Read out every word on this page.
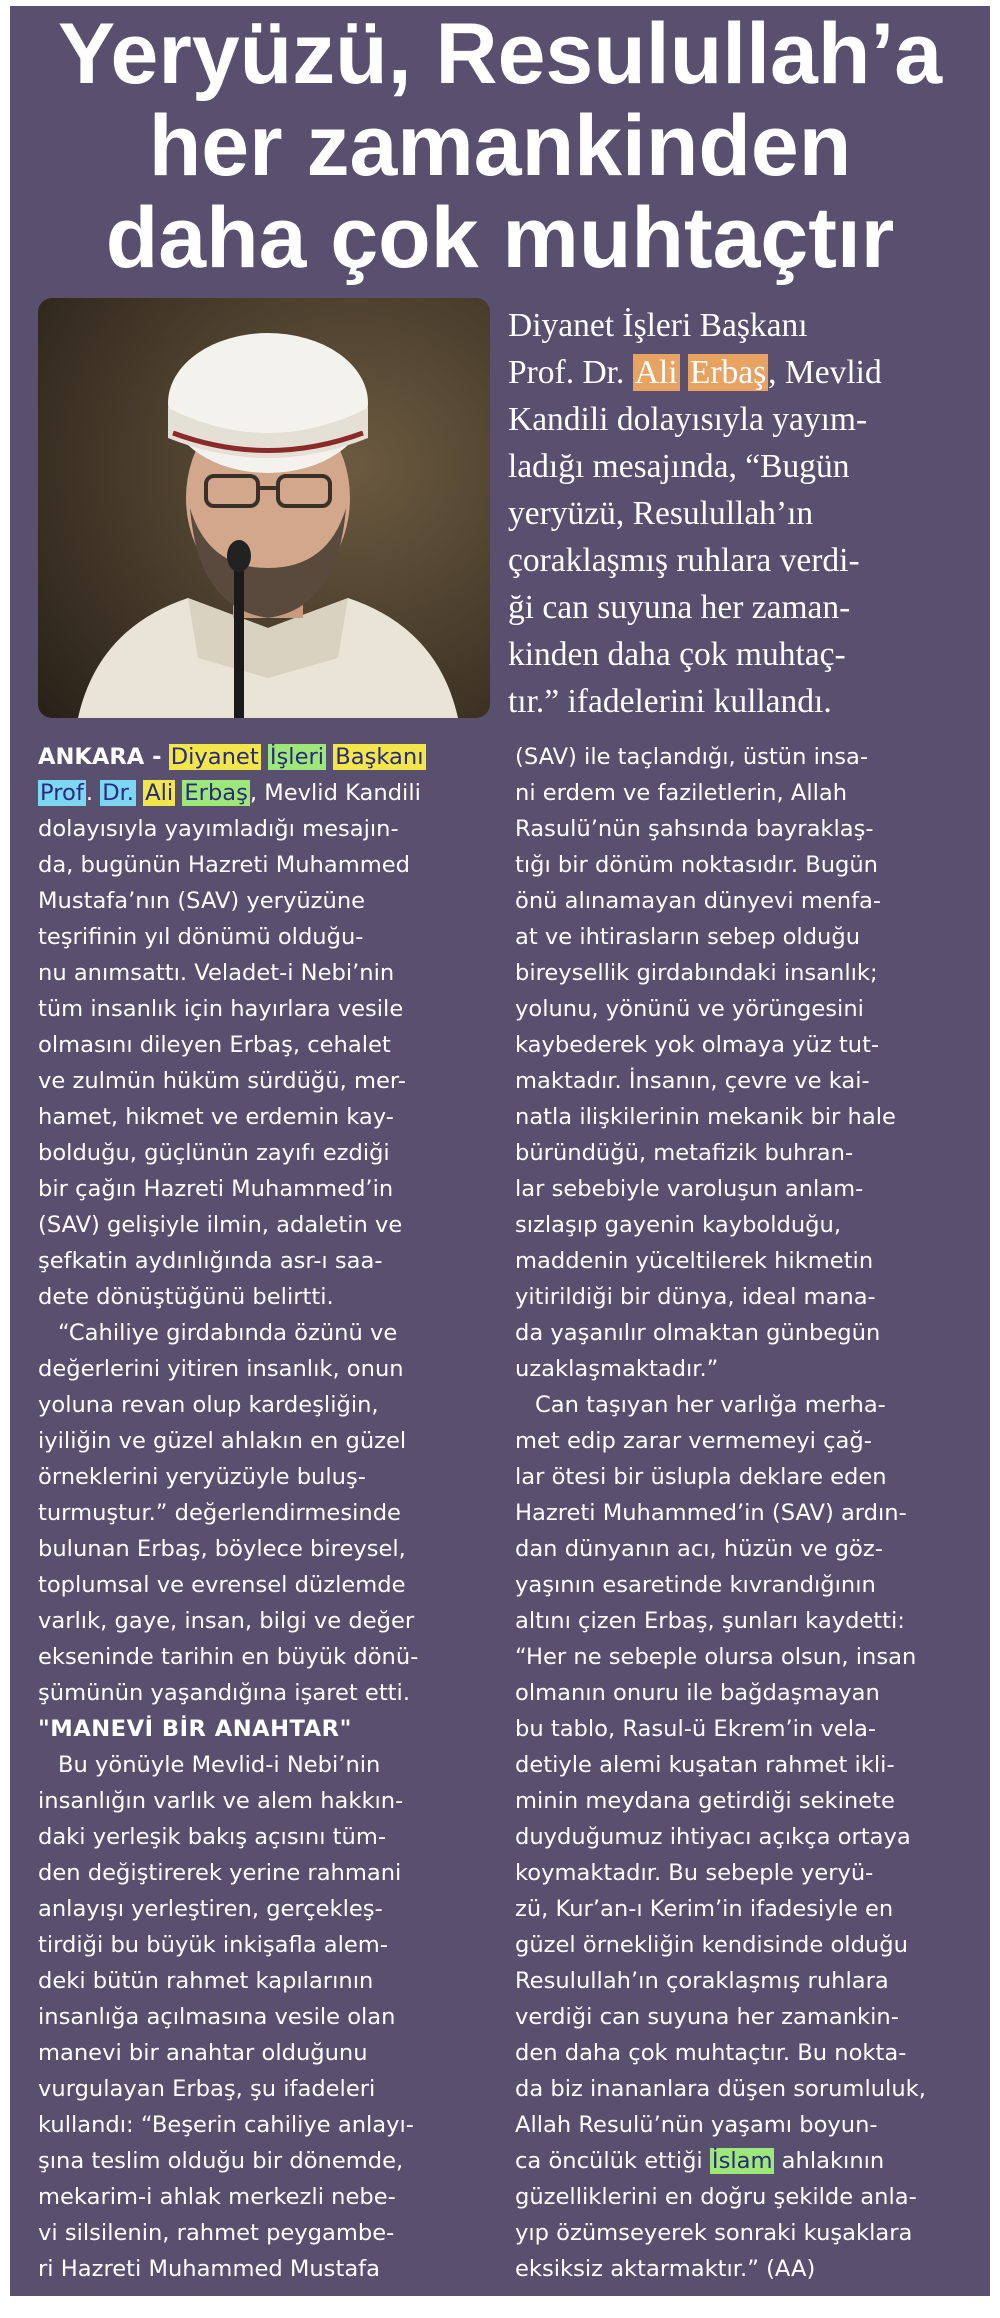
Yeryüzü, Resulullah’a
her zamankinden
daha çok muhtaçtır
Diyanet İşleri Başkanı
Prof. Dr. Ali Erbaş, Mevlid
Kandili dolayısıyla yayım-
ladığı mesajında, “Bugün
yeryüzü, Resulullah’ın
çoraklaşmış ruhlara verdi-
ği can suyuna her zaman-
kinden daha çok muhtaç-
tır.” ifadelerini kullandı.
ANKARA - Diyanet İşleri Başkanı
Prof. Dr. Ali Erbaş, Mevlid Kandili
dolayısıyla yayımladığı mesajın-
da, bugünün Hazreti Muhammed
Mustafa’nın (SAV) yeryüzüne
teşrifinin yıl dönümü olduğu-
nu anımsattı. Veladet-i Nebi’nin
tüm insanlık için hayırlara vesile
olmasını dileyen Erbaş, cehalet
ve zulmün hüküm sürdüğü, mer-
hamet, hikmet ve erdemin kay-
bolduğu, güçlünün zayıfı ezdiği
bir çağın Hazreti Muhammed’in
(SAV) gelişiyle ilmin, adaletin ve
şefkatin aydınlığında asr-ı saa-
dete dönüştüğünü belirtti.
“Cahiliye girdabında özünü ve
değerlerini yitiren insanlık, onun
yoluna revan olup kardeşliğin,
iyiliğin ve güzel ahlakın en güzel
örneklerini yeryüzüyle buluş-
turmuştur.” değerlendirmesinde
bulunan Erbaş, böylece bireysel,
toplumsal ve evrensel düzlemde
varlık, gaye, insan, bilgi ve değer
ekseninde tarihin en büyük dönü-
şümünün yaşandığına işaret etti.
"MANEVİ BİR ANAHTAR"
Bu yönüyle Mevlid-i Nebi’nin
insanlığın varlık ve alem hakkın-
daki yerleşik bakış açısını tüm-
den değiştirerek yerine rahmani
anlayışı yerleştiren, gerçekleş-
tirdiği bu büyük inkişafla alem-
deki bütün rahmet kapılarının
insanlığa açılmasına vesile olan
manevi bir anahtar olduğunu
vurgulayan Erbaş, şu ifadeleri
kullandı: “Beşerin cahiliye anlayı-
şına teslim olduğu bir dönemde,
mekarim-i ahlak merkezli nebe-
vi silsilenin, rahmet peygambe-
ri Hazreti Muhammed Mustafa
(SAV) ile taçlandığı, üstün insa-
ni erdem ve faziletlerin, Allah
Rasulü’nün şahsında bayraklaş-
tığı bir dönüm noktasıdır. Bugün
önü alınamayan dünyevi menfa-
at ve ihtirasların sebep olduğu
bireysellik girdabındaki insanlık;
yolunu, yönünü ve yörüngesini
kaybederek yok olmaya yüz tut-
maktadır. İnsanın, çevre ve kai-
natla ilişkilerinin mekanik bir hale
büründüğü, metafizik buhran-
lar sebebiyle varoluşun anlam-
sızlaşıp gayenin kaybolduğu,
maddenin yüceltilerek hikmetin
yitirildiği bir dünya, ideal mana-
da yaşanılır olmaktan günbegün
uzaklaşmaktadır.”
Can taşıyan her varlığa merha-
met edip zarar vermemeyi çağ-
lar ötesi bir üslupla deklare eden
Hazreti Muhammed’in (SAV) ardın-
dan dünyanın acı, hüzün ve göz-
yaşının esaretinde kıvrandığının
altını çizen Erbaş, şunları kaydetti:
“Her ne sebeple olursa olsun, insan
olmanın onuru ile bağdaşmayan
bu tablo, Rasul-ü Ekrem’in vela-
detiyle alemi kuşatan rahmet ikli-
minin meydana getirdiği sekinete
duyduğumuz ihtiyacı açıkça ortaya
koymaktadır. Bu sebeple yeryü-
zü, Kur’an-ı Kerim’in ifadesiyle en
güzel örnekliğin kendisinde olduğu
Resulullah’ın çoraklaşmış ruhlara
verdiği can suyuna her zamankin-
den daha çok muhtaçtır. Bu nokta-
da biz inananlara düşen sorumluluk,
Allah Resulü’nün yaşamı boyun-
ca öncülük ettiği İslam ahlakının
güzelliklerini en doğru şekilde anla-
yıp özümseyerek sonraki kuşaklara
eksiksiz aktarmaktır.” (AA)
